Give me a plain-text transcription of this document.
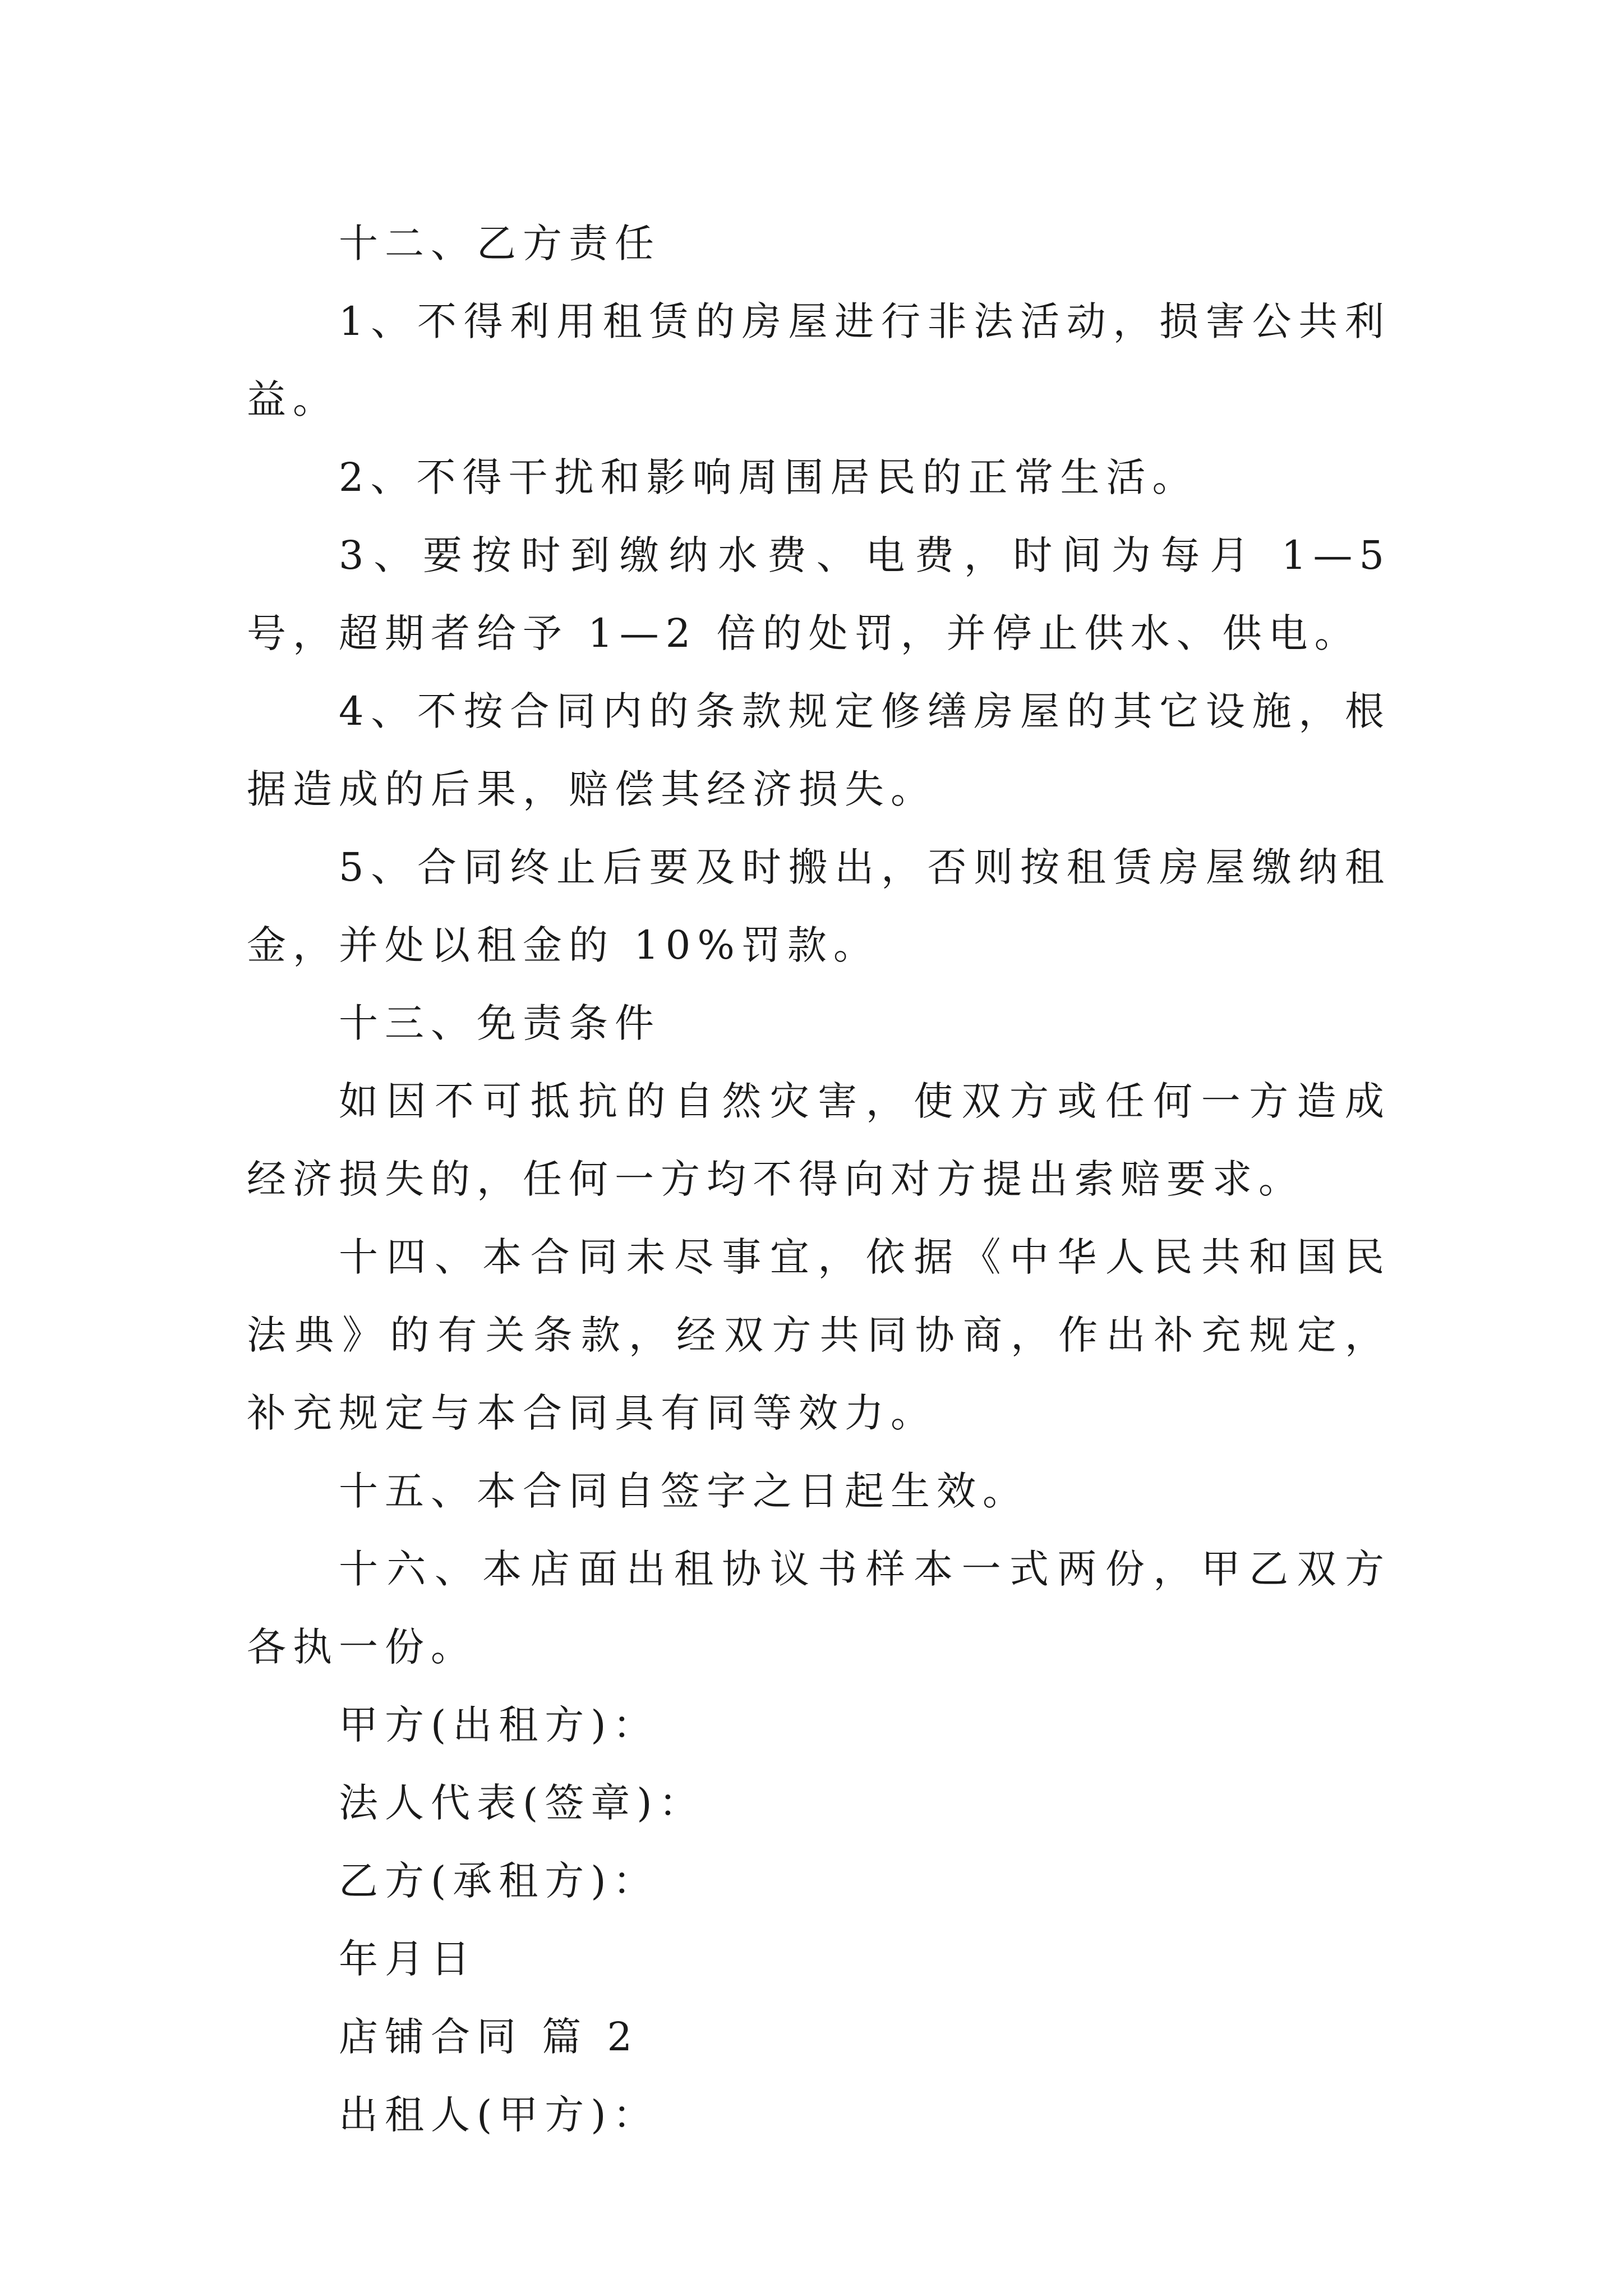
十二、乙方责任

1、不得利用租赁的房屋进行非法活动，损害公共利益。

2、不得干扰和影响周围居民的正常生活。

3、要按时到缴纳水费、电费，时间为每月 1—5 号，超期者给予 1—2 倍的处罚，并停止供水、供电。

4、不按合同内的条款规定修缮房屋的其它设施，根据造成的后果，赔偿其经济损失。

5、合同终止后要及时搬出，否则按租赁房屋缴纳租金，并处以租金的 10%罚款。

十三、免责条件

如因不可抵抗的自然灾害，使双方或任何一方造成经济损失的，任何一方均不得向对方提出索赔要求。

十四、本合同未尽事宜，依据《中华人民共和国民法典》的有关条款，经双方共同协商，作出补充规定，补充规定与本合同具有同等效力。

十五、本合同自签字之日起生效。

十六、本店面出租协议书样本一式两份，甲乙双方各执一份。

甲方(出租方)：

法人代表(签章)：

乙方(承租方)：

年月日

店铺合同 篇 2

出租人(甲方)：
